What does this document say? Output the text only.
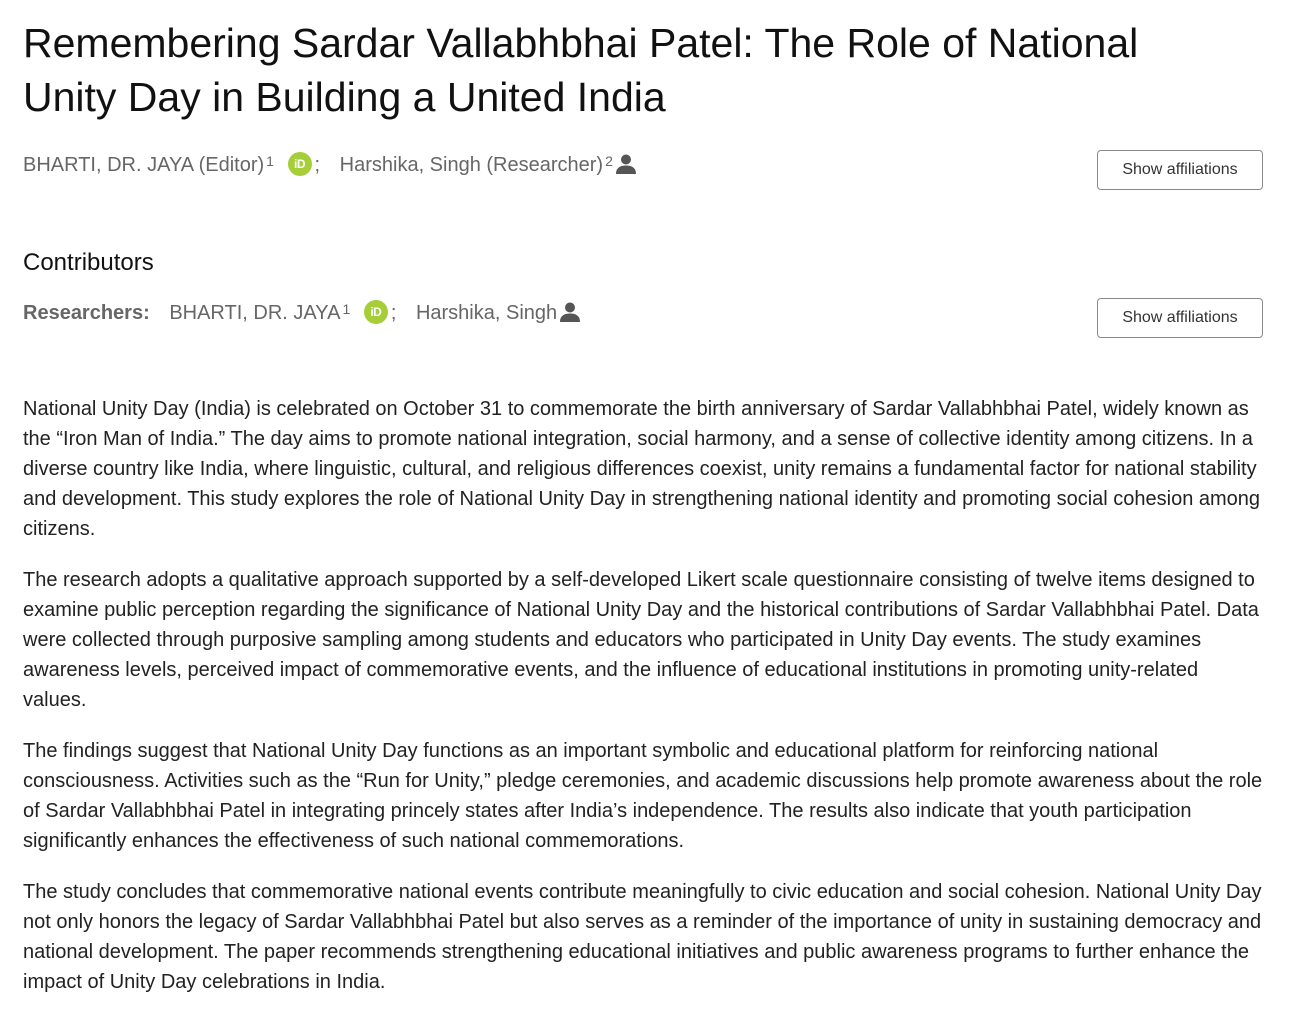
Remembering Sardar Vallabhbhai Patel: The Role of National Unity Day in Building a United India
BHARTI, DR. JAYA (Editor) $^1$ iD ; Harshika, Singh (Researcher) $^2$	Show affiliations
Contributors
Researchers: BHARTI, DR. JAYA $^1$ iD ; Harshika, Singh	Show affiliations

National Unity Day (India) is celebrated on October 31 to commemorate the birth anniversary of Sardar Vallabhbhai Patel, widely known as the “Iron Man of India.” The day aims to promote national integration, social harmony, and a sense of collective identity among citizens. In a diverse country like India, where linguistic, cultural, and religious differences coexist, unity remains a fundamental factor for national stability and development. This study explores the role of National Unity Day in strengthening national identity and promoting social cohesion among citizens.

The research adopts a qualitative approach supported by a self-developed Likert scale questionnaire consisting of twelve items designed to examine public perception regarding the significance of National Unity Day and the historical contributions of Sardar Vallabhbhai Patel. Data were collected through purposive sampling among students and educators who participated in Unity Day events. The study examines awareness levels, perceived impact of commemorative events, and the influence of educational institutions in promoting unity-related values.

The findings suggest that National Unity Day functions as an important symbolic and educational platform for reinforcing national consciousness. Activities such as the “Run for Unity,” pledge ceremonies, and academic discussions help promote awareness about the role of Sardar Vallabhbhai Patel in integrating princely states after India’s independence. The results also indicate that youth participation significantly enhances the effectiveness of such national commemorations.

The study concludes that commemorative national events contribute meaningfully to civic education and social cohesion. National Unity Day not only honors the legacy of Sardar Vallabhbhai Patel but also serves as a reminder of the importance of unity in sustaining democracy and national development. The paper recommends strengthening educational initiatives and public awareness programs to further enhance the impact of Unity Day celebrations in India.
